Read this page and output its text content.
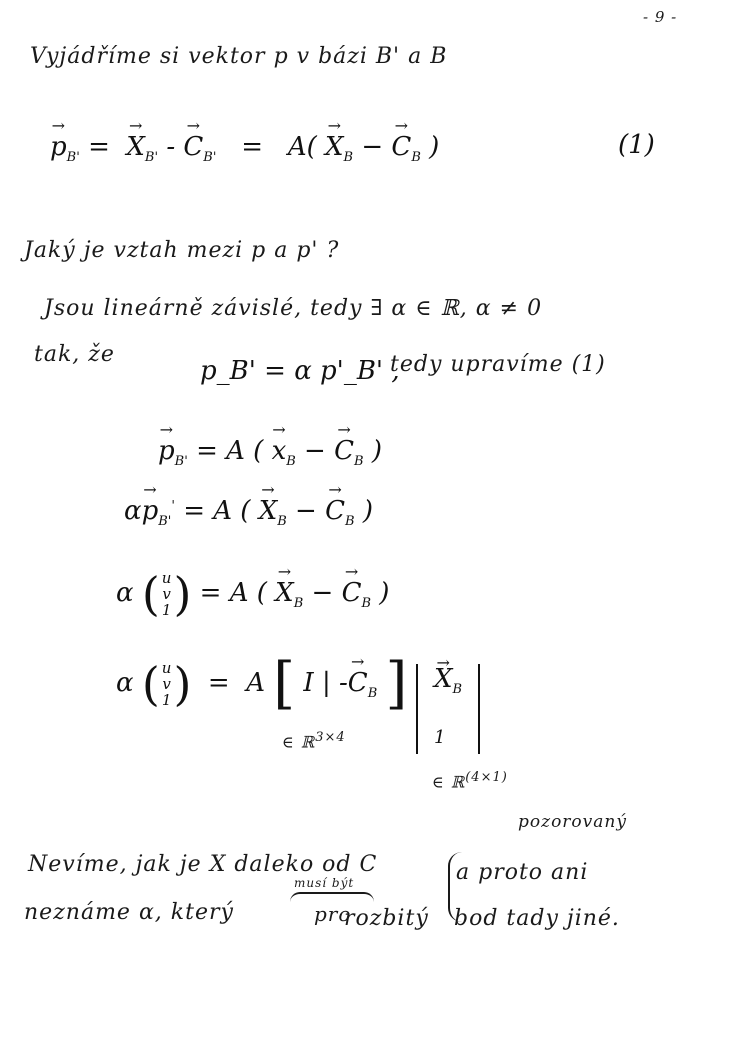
- 9 -
Vyjádříme si vektor p v bázi B' a B
→ $p_{B'}$ = → $X_{B'}$ - → $C_{B'} = A( \to X_B$ − → $C_B$ )	(1)
Jaký je vztah mezi p a p' ?
Jsou lineárně závislé, tedy ∃ α ∈ ℝ, α ≠ 0
tak, že
p_B' = α p'_B' ,
tedy upravíme (1)
→ $p_{B'} = A$ ( → $x_B$ − → $C_B$ )
$\alpha\to p_{B'}' = A$ ( → $X_B$ − → $C_B$ )
α ( u
v
1) = A ( → $X_B$ − → $C_B$ )
α ( u
v
1)  =  A [ I | -→ $C_B$ ] → $X_B$
1
∈ ℝ$^{3\times 4}$
∈ ℝ$^{(4\times 1)}$
pozorovaný
Nevíme, jak je X daleko od C	a proto ani
neznáme α, který
musí být
pro
rozbitý bod tady jiné.
